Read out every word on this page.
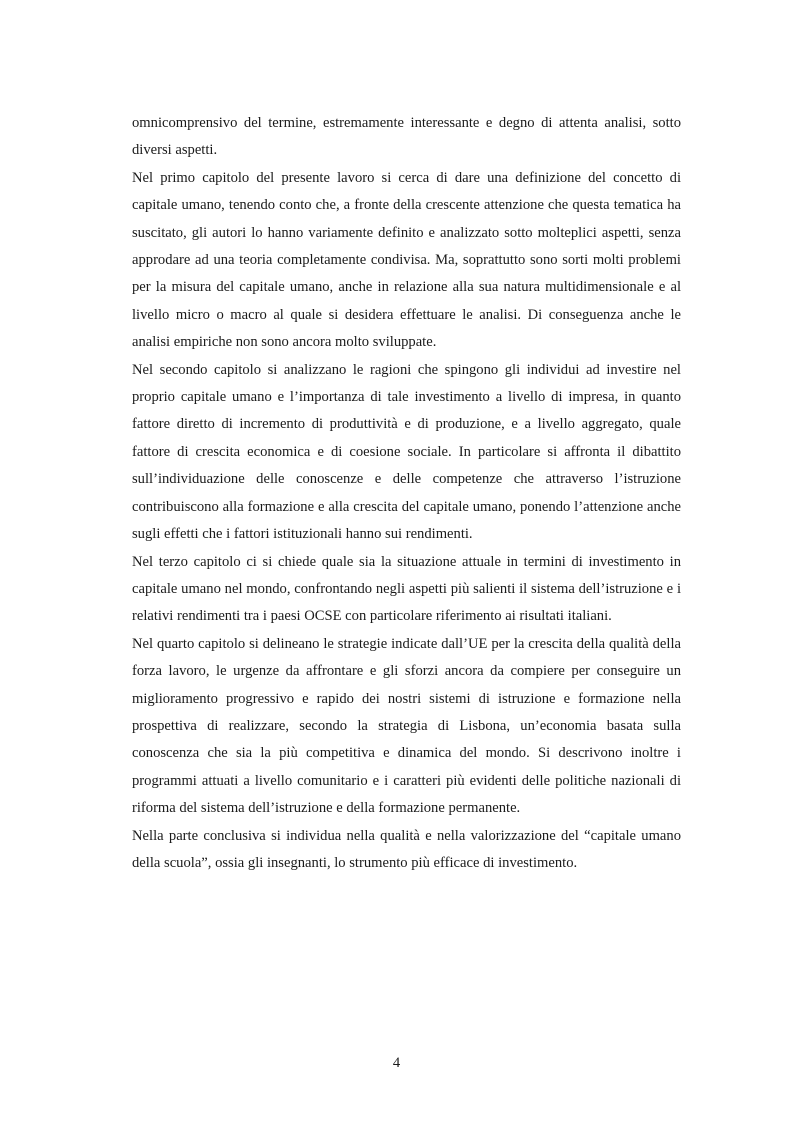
omnicomprensivo del termine, estremamente interessante e degno di attenta analisi, sotto diversi aspetti.

Nel primo capitolo del presente lavoro si cerca di dare una definizione del concetto di capitale umano, tenendo conto che, a fronte della crescente attenzione che questa tematica ha suscitato, gli autori lo hanno variamente definito e analizzato sotto molteplici aspetti, senza approdare ad una teoria completamente condivisa. Ma, soprattutto sono sorti molti problemi per la misura del capitale umano, anche in relazione alla sua natura multidimensionale e al livello micro o macro al quale si desidera effettuare le analisi. Di conseguenza anche le analisi empiriche non sono ancora molto sviluppate.

Nel secondo capitolo si analizzano le ragioni che spingono gli individui ad investire nel proprio capitale umano e l’importanza di tale investimento a livello di impresa, in quanto fattore diretto di incremento di produttività e di produzione, e a livello aggregato, quale fattore di crescita economica e di coesione sociale. In particolare si affronta il dibattito sull’individuazione delle conoscenze e delle competenze che attraverso l’istruzione contribuiscono alla formazione e alla crescita del capitale umano, ponendo l’attenzione anche sugli effetti che i fattori istituzionali hanno sui rendimenti.

Nel terzo capitolo ci si chiede quale sia la situazione attuale in termini di investimento in capitale umano nel mondo, confrontando negli aspetti più salienti il sistema dell’istruzione e i relativi rendimenti tra i paesi OCSE con particolare riferimento ai risultati italiani.

Nel quarto capitolo si delineano le strategie indicate dall’UE per la crescita della qualità della forza lavoro, le urgenze da affrontare e gli sforzi ancora da compiere per conseguire un miglioramento progressivo e rapido dei nostri sistemi di istruzione e formazione nella prospettiva di realizzare, secondo la strategia di Lisbona, un’economia basata sulla conoscenza che sia la più competitiva e dinamica del mondo. Si descrivono inoltre i programmi attuati a livello comunitario e i caratteri più evidenti delle politiche nazionali di riforma del sistema dell’istruzione e della formazione permanente.

Nella parte conclusiva si individua nella qualità e nella valorizzazione del “capitale umano della scuola”, ossia gli insegnanti, lo strumento più efficace di investimento.

4
